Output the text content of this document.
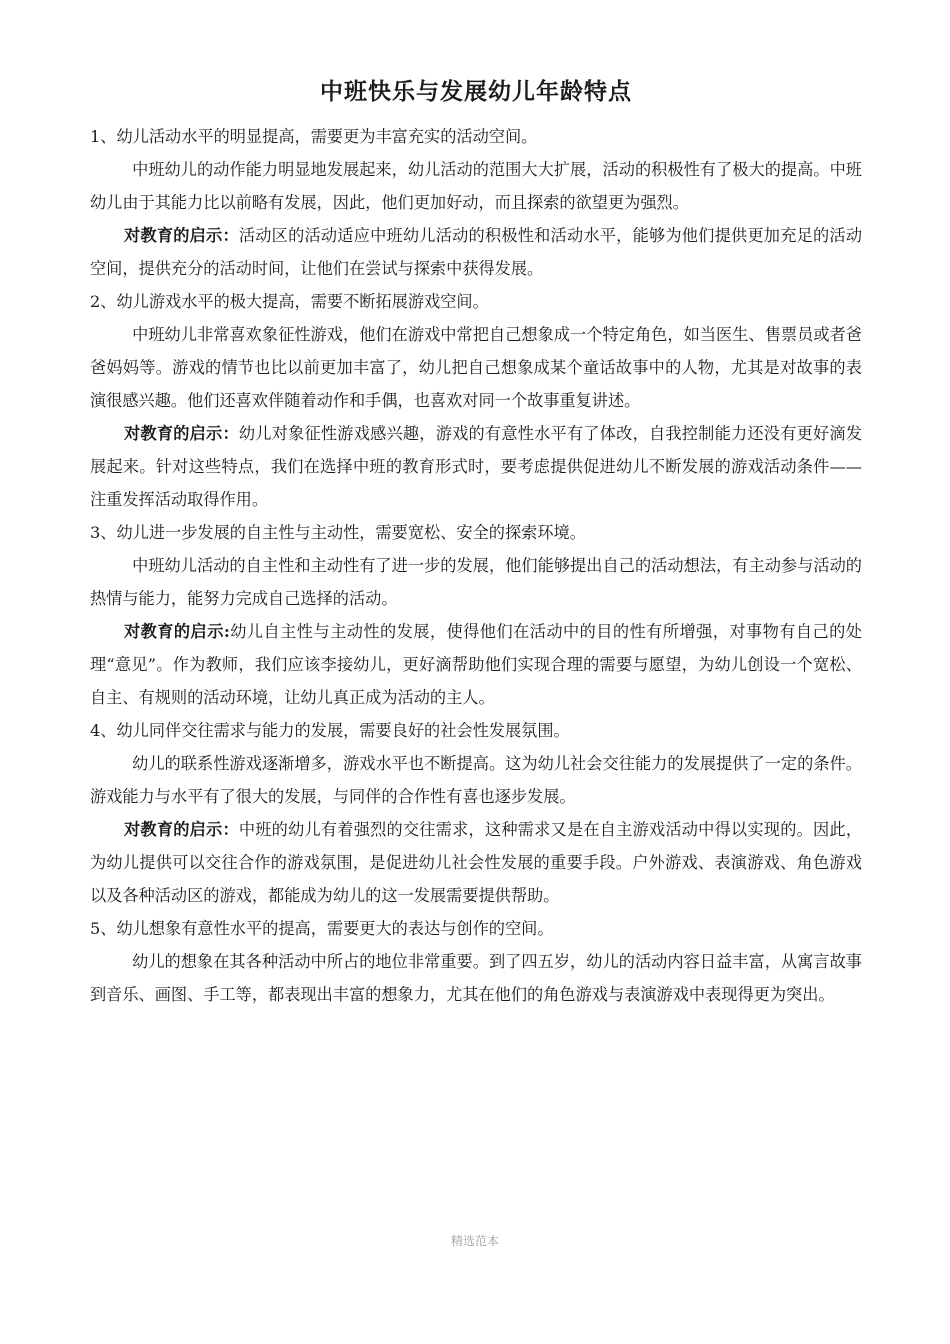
中班快乐与发展幼儿年龄特点

1、幼儿活动水平的明显提高，需要更为丰富充实的活动空间。

中班幼儿的动作能力明显地发展起来，幼儿活动的范围大大扩展，活动的积极性有了极大的提高。中班幼儿由于其能力比以前略有发展，因此，他们更加好动，而且探索的欲望更为强烈。

对教育的启示：活动区的活动适应中班幼儿活动的积极性和活动水平，能够为他们提供更加充足的活动空间，提供充分的活动时间，让他们在尝试与探索中获得发展。

2、幼儿游戏水平的极大提高，需要不断拓展游戏空间。

中班幼儿非常喜欢象征性游戏，他们在游戏中常把自己想象成一个特定角色，如当医生、售票员或者爸爸妈妈等。游戏的情节也比以前更加丰富了，幼儿把自己想象成某个童话故事中的人物，尤其是对故事的表演很感兴趣。他们还喜欢伴随着动作和手偶，也喜欢对同一个故事重复讲述。

对教育的启示：幼儿对象征性游戏感兴趣，游戏的有意性水平有了体改，自我控制能力还没有更好滴发展起来。针对这些特点，我们在选择中班的教育形式时，要考虑提供促进幼儿不断发展的游戏活动条件——注重发挥活动取得作用。

3、幼儿进一步发展的自主性与主动性，需要宽松、安全的探索环境。

中班幼儿活动的自主性和主动性有了进一步的发展，他们能够提出自己的活动想法，有主动参与活动的热情与能力，能努力完成自己选择的活动。

对教育的启示:幼儿自主性与主动性的发展，使得他们在活动中的目的性有所增强，对事物有自己的处理“意见”。作为教师，我们应该李接幼儿，更好滴帮助他们实现合理的需要与愿望，为幼儿创设一个宽松、自主、有规则的活动环境，让幼儿真正成为活动的主人。

4、幼儿同伴交往需求与能力的发展，需要良好的社会性发展氛围。

幼儿的联系性游戏逐渐增多，游戏水平也不断提高。这为幼儿社会交往能力的发展提供了一定的条件。游戏能力与水平有了很大的发展，与同伴的合作性有喜也逐步发展。

对教育的启示：中班的幼儿有着强烈的交往需求，这种需求又是在自主游戏活动中得以实现的。因此，为幼儿提供可以交往合作的游戏氛围，是促进幼儿社会性发展的重要手段。户外游戏、表演游戏、角色游戏以及各种活动区的游戏，都能成为幼儿的这一发展需要提供帮助。

5、幼儿想象有意性水平的提高，需要更大的表达与创作的空间。

幼儿的想象在其各种活动中所占的地位非常重要。到了四五岁，幼儿的活动内容日益丰富，从寓言故事到音乐、画图、手工等，都表现出丰富的想象力，尤其在他们的角色游戏与表演游戏中表现得更为突出。

精选范本
